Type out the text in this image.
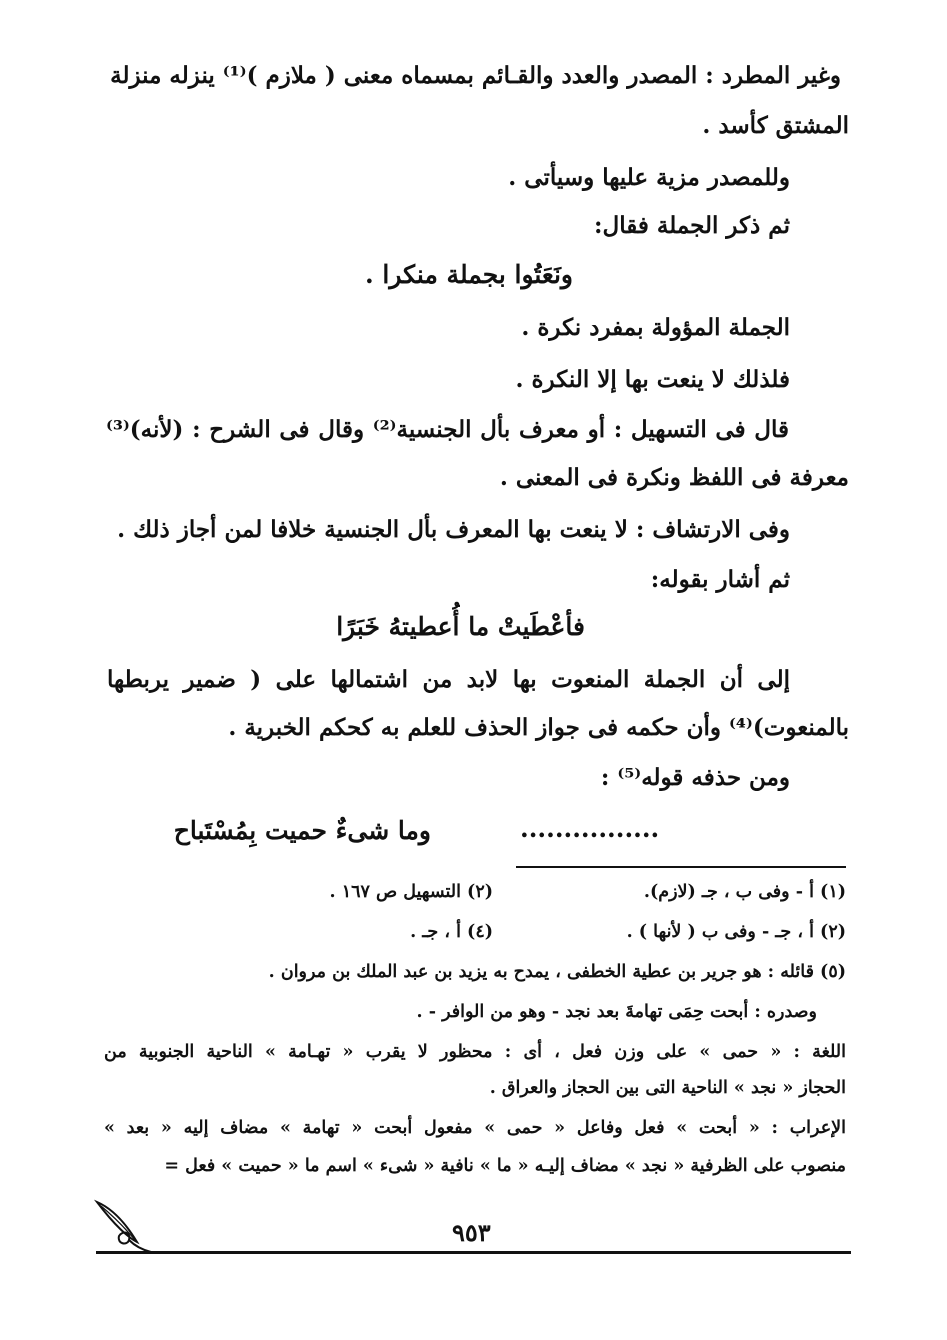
وغير المطرد : المصدر والعدد والقـائم بمسماه معنى ( ملازم )⁽¹⁾ ينزله منزلة

المشتق كأسد .

وللمصدر مزية عليها وسيأتى .

ثم ذكر الجملة فقال:

ونَعَتُوا بجملة منكرا .

الجملة المؤولة بمفرد نكرة .

فلذلك لا ينعت بها إلا النكرة .

قال فى التسهيل : أو معرف بأل الجنسية⁽²⁾ وقال فى الشرح : (لأنه)⁽³⁾

معرفة فى اللفظ ونكرة فى المعنى .

وفى الارتشاف : لا ينعت بها المعرف بأل الجنسية خلافا لمن أجاز ذلك .

ثم أشار بقوله:

فأعْطَيتْ ما أُعطيتهُ خَبَرًا

إلى أن الجملة المنعوت بها لابد من اشتمالها على ( ضمير يربطها

بالمنعوت)⁽⁴⁾ وأن حكمه فى جواز الحذف للعلم به كحكم الخبرية .

ومن حذفه قوله⁽⁵⁾ :

وما شىءٌ حميت بِمُسْتَباح	................

(١) أ - وفى ب ، جـ (لازم).

(٢) التسهيل ص ١٦٧ .

(٢) أ ، جـ - وفى ب ( لأنها ) .

(٤) أ ، جـ .

(٥) قائله : هو جرير بن عطية الخطفى ، يمدح به يزيد بن عبد الملك بن مروان .

وصدره : أبحت حِمَى تهامةَ بعد نجد - وهو من الوافر - .

اللغة : « حمى » على وزن فعل ، أى : محظور لا يقرب « تهـامة » الناحية الجنوبية من

الحجاز « نجد » الناحية التى بين الحجاز والعراق .

الإعراب : « أبحت » فعل وفاعل « حمى » مفعول أبحت « تهامة » مضاف إليه « بعد »

منصوب على الظرفية « نجد » مضاف إليـه « ما » نافية « شىء » اسم ما « حميت » فعل =

٩٥٣
